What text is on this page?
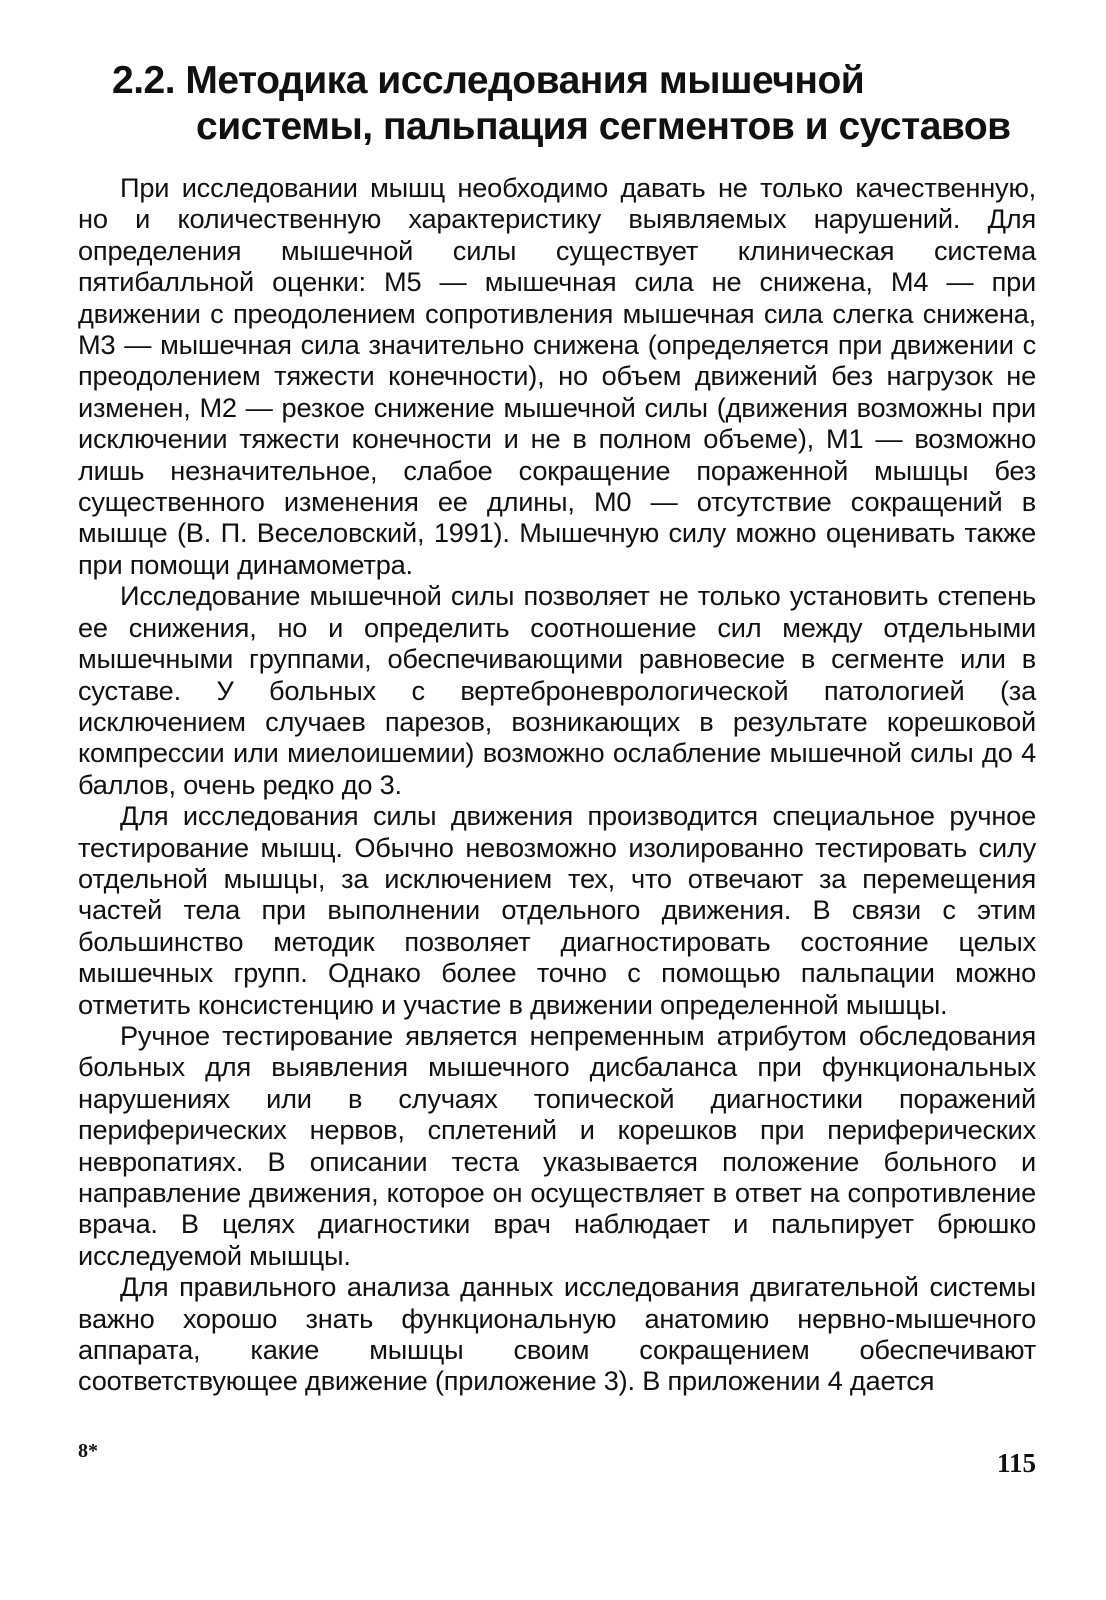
2.2. Методика исследования мышечной
системы, пальпация сегментов и суставов

При исследовании мышц необходимо давать не только качественную, но и количественную характеристику выявляемых нарушений. Для определения мышечной силы существует клиническая система пятибалльной оценки: М5 — мышечная сила не снижена, М4 — при движении с преодолением сопротивления мышечная сила слегка снижена, М3 — мышечная сила значительно снижена (определяется при движении с преодолением тяжести конечности), но объем движений без нагрузок не изменен, М2 — резкое снижение мышечной силы (движения возможны при исключении тяжести конечности и не в полном объеме), М1 — возможно лишь незначительное, слабое сокращение пораженной мышцы без существенного изменения ее длины, М0 — отсутствие сокращений в мышце (В. П. Веселовский, 1991). Мышечную силу можно оценивать также при помощи динамометра.

Исследование мышечной силы позволяет не только установить степень ее снижения, но и определить соотношение сил между отдельными мышечными группами, обеспечивающими равновесие в сегменте или в суставе. У больных с вертеброневрологической патологией (за исключением случаев парезов, возникающих в результате корешковой компрессии или миелоишемии) возможно ослабление мышечной силы до 4 баллов, очень редко до 3.

Для исследования силы движения производится специальное ручное тестирование мышц. Обычно невозможно изолированно тестировать силу отдельной мышцы, за исключением тех, что отвечают за перемещения частей тела при выполнении отдельного движения. В связи с этим большинство методик позволяет диагностировать состояние целых мышечных групп. Однако более точно с помощью пальпации можно отметить консистенцию и участие в движении определенной мышцы.

Ручное тестирование является непременным атрибутом обследования больных для выявления мышечного дисбаланса при функциональных нарушениях или в случаях топической диагностики поражений периферических нервов, сплетений и корешков при периферических невропатиях. В описании теста указывается положение больного и направление движения, которое он осуществляет в ответ на сопротивление врача. В целях диагностики врач наблюдает и пальпирует брюшко исследуемой мышцы.

Для правильного анализа данных исследования двигательной системы важно хорошо знать функциональную анатомию нервно-мышечного аппарата, какие мышцы своим сокращением обеспечивают соответствующее движение (приложение 3). В приложении 4 дается

8*	115
